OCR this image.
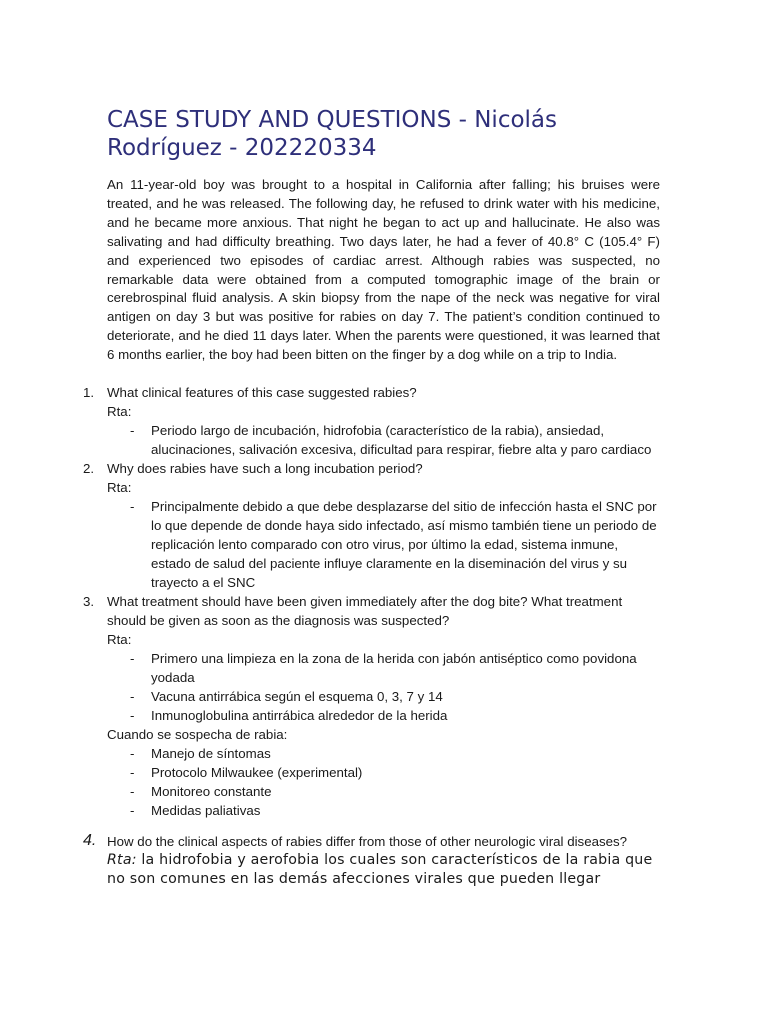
CASE STUDY AND QUESTIONS - Nicolás
Rodríguez - 202220334

An 11-year-old boy was brought to a hospital in California after falling; his bruises were treated, and he was released. The following day, he refused to drink water with his medicine, and he became more anxious. That night he began to act up and hallucinate. He also was salivating and had difficulty breathing. Two days later, he had a fever of 40.8° C (105.4° F) and experienced two episodes of cardiac arrest. Although rabies was suspected, no remarkable data were obtained from a computed tomographic image of the brain or cerebrospinal fluid analysis. A skin biopsy from the nape of the neck was negative for viral antigen on day 3 but was positive for rabies on day 7. The patient’s condition continued to deteriorate, and he died 11 days later. When the parents were questioned, it was learned that 6 months earlier, the boy had been bitten on the finger by a dog while on a trip to India.

1. What clinical features of this case suggested rabies?
Rta:
- Periodo largo de incubación, hidrofobia (característico de la rabia), ansiedad, alucinaciones, salivación excesiva, dificultad para respirar, fiebre alta y paro cardiaco
2. Why does rabies have such a long incubation period?
Rta:
- Principalmente debido a que debe desplazarse del sitio de infección hasta el SNC por lo que depende de donde haya sido infectado, así mismo también tiene un periodo de replicación lento comparado con otro virus, por último la edad, sistema inmune, estado de salud del paciente influye claramente en la diseminación del virus y su trayecto a el SNC
3. What treatment should have been given immediately after the dog bite? What treatment should be given as soon as the diagnosis was suspected?
Rta:
- Primero una limpieza en la zona de la herida con jabón antiséptico como povidona yodada
- Vacuna antirrábica según el esquema 0, 3, 7 y 14
- Inmunoglobulina antirrábica alrededor de la herida
Cuando se sospecha de rabia:
- Manejo de síntomas
- Protocolo Milwaukee (experimental)
- Monitoreo constante
- Medidas paliativas
4. How do the clinical aspects of rabies differ from those of other neurologic viral diseases?
Rta: la hidrofobia y aerofobia los cuales son característicos de la rabia que no son comunes en las demás afecciones virales que pueden llegar
